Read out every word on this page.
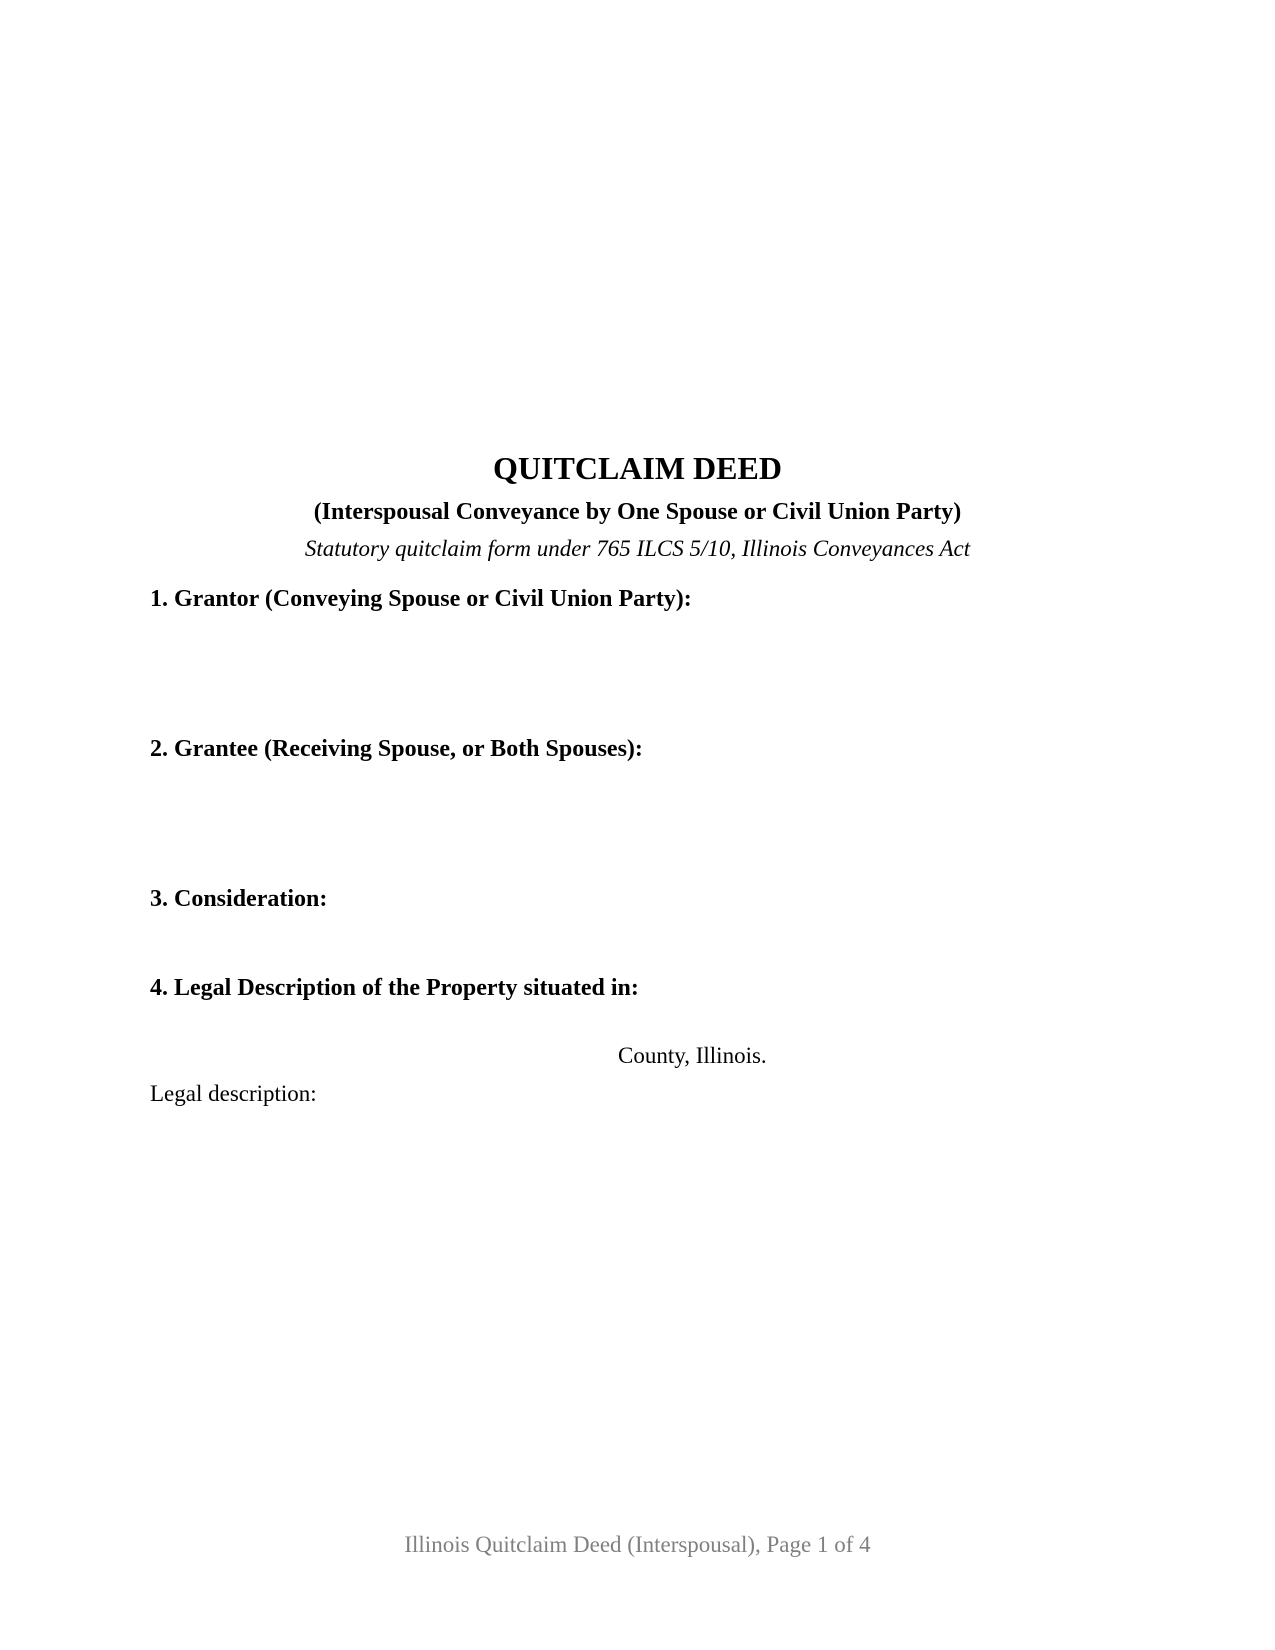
QUITCLAIM DEED
(Interspousal Conveyance by One Spouse or Civil Union Party)
Statutory quitclaim form under 765 ILCS 5/10, Illinois Conveyances Act
1. Grantor (Conveying Spouse or Civil Union Party):
2. Grantee (Receiving Spouse, or Both Spouses):
3. Consideration:
4. Legal Description of the Property situated in:
County, Illinois.
Legal description:
Illinois Quitclaim Deed (Interspousal), Page 1 of 4
